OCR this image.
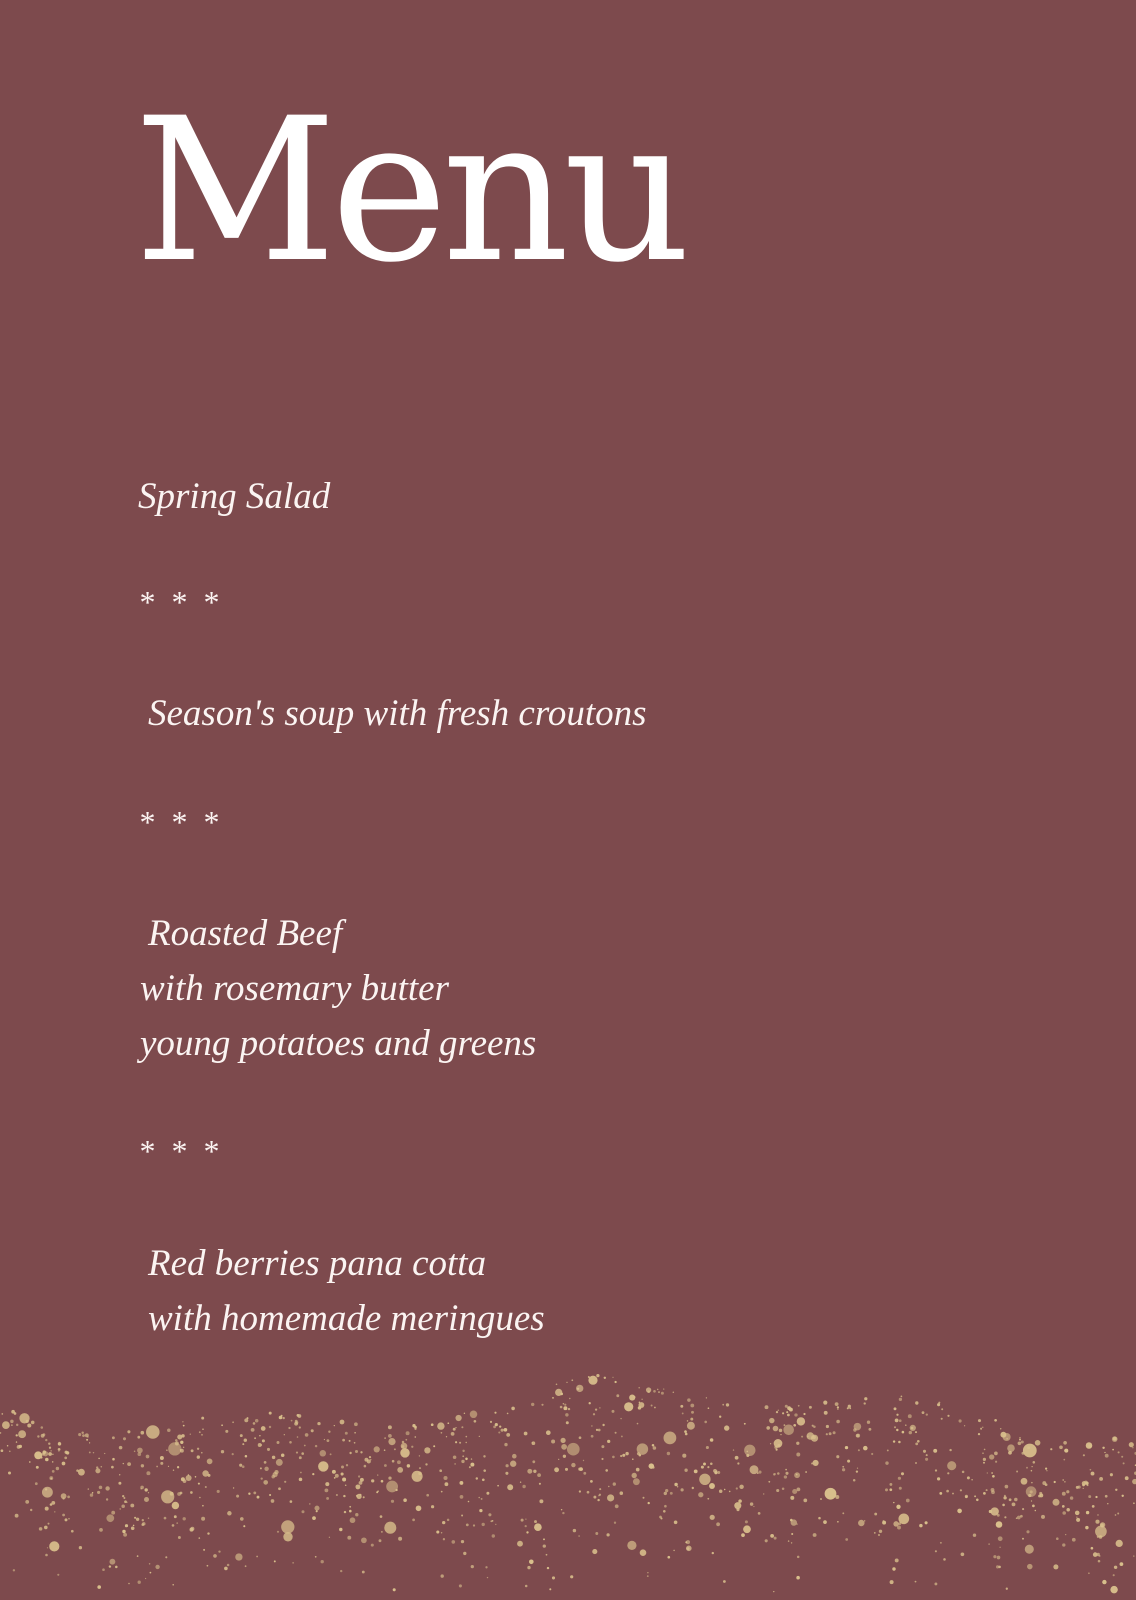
Menu

Spring Salad

* * *

Season's soup with fresh croutons

* * *

Roasted Beef

with rosemary butter

young potatoes and greens

* * *

Red berries pana cotta

with homemade meringues
